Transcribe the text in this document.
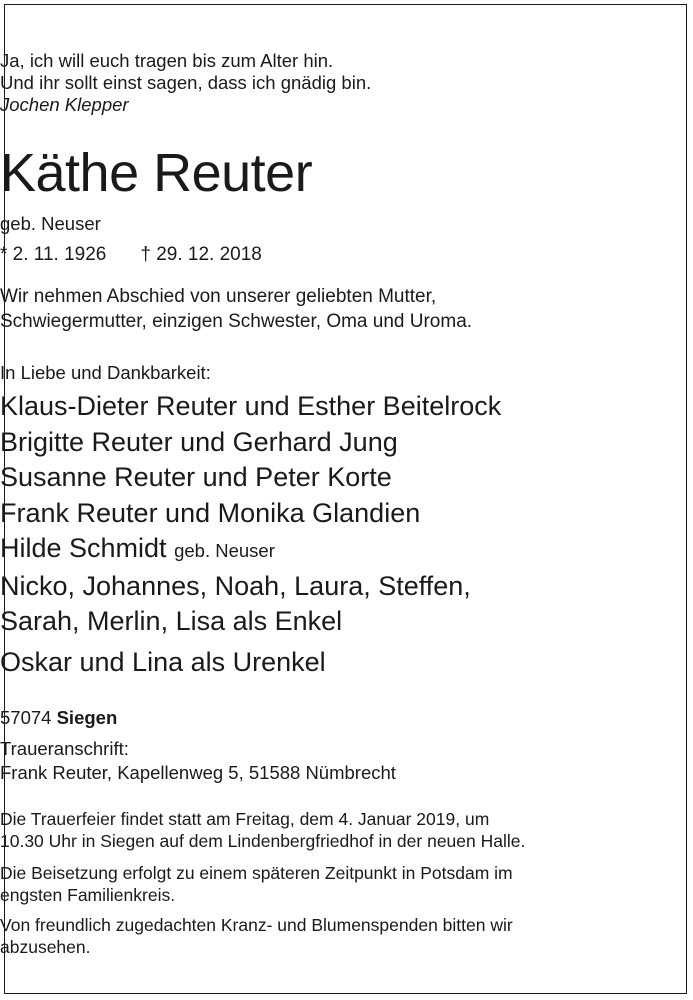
Ja, ich will euch tragen bis zum Alter hin.
Und ihr sollt einst sagen, dass ich gnädig bin.
Jochen Klepper
Käthe Reuter
geb. Neuser
* 2. 11. 1926 † 29. 12. 2018
Wir nehmen Abschied von unserer geliebten Mutter,
Schwiegermutter, einzigen Schwester, Oma und Uroma.
In Liebe und Dankbarkeit:
Klaus-Dieter Reuter und Esther Beitelrock
Brigitte Reuter und Gerhard Jung
Susanne Reuter und Peter Korte
Frank Reuter und Monika Glandien
Hilde Schmidt geb. Neuser
Nicko, Johannes, Noah, Laura, Steffen,
Sarah, Merlin, Lisa als Enkel
Oskar und Lina als Urenkel
57074 Siegen
Traueranschrift:
Frank Reuter, Kapellenweg 5, 51588 Nümbrecht
Die Trauerfeier findet statt am Freitag, dem 4. Januar 2019, um
10.30 Uhr in Siegen auf dem Lindenbergfriedhof in der neuen Halle.
Die Beisetzung erfolgt zu einem späteren Zeitpunkt in Potsdam im
engsten Familienkreis.
Von freundlich zugedachten Kranz- und Blumenspenden bitten wir
abzusehen.
